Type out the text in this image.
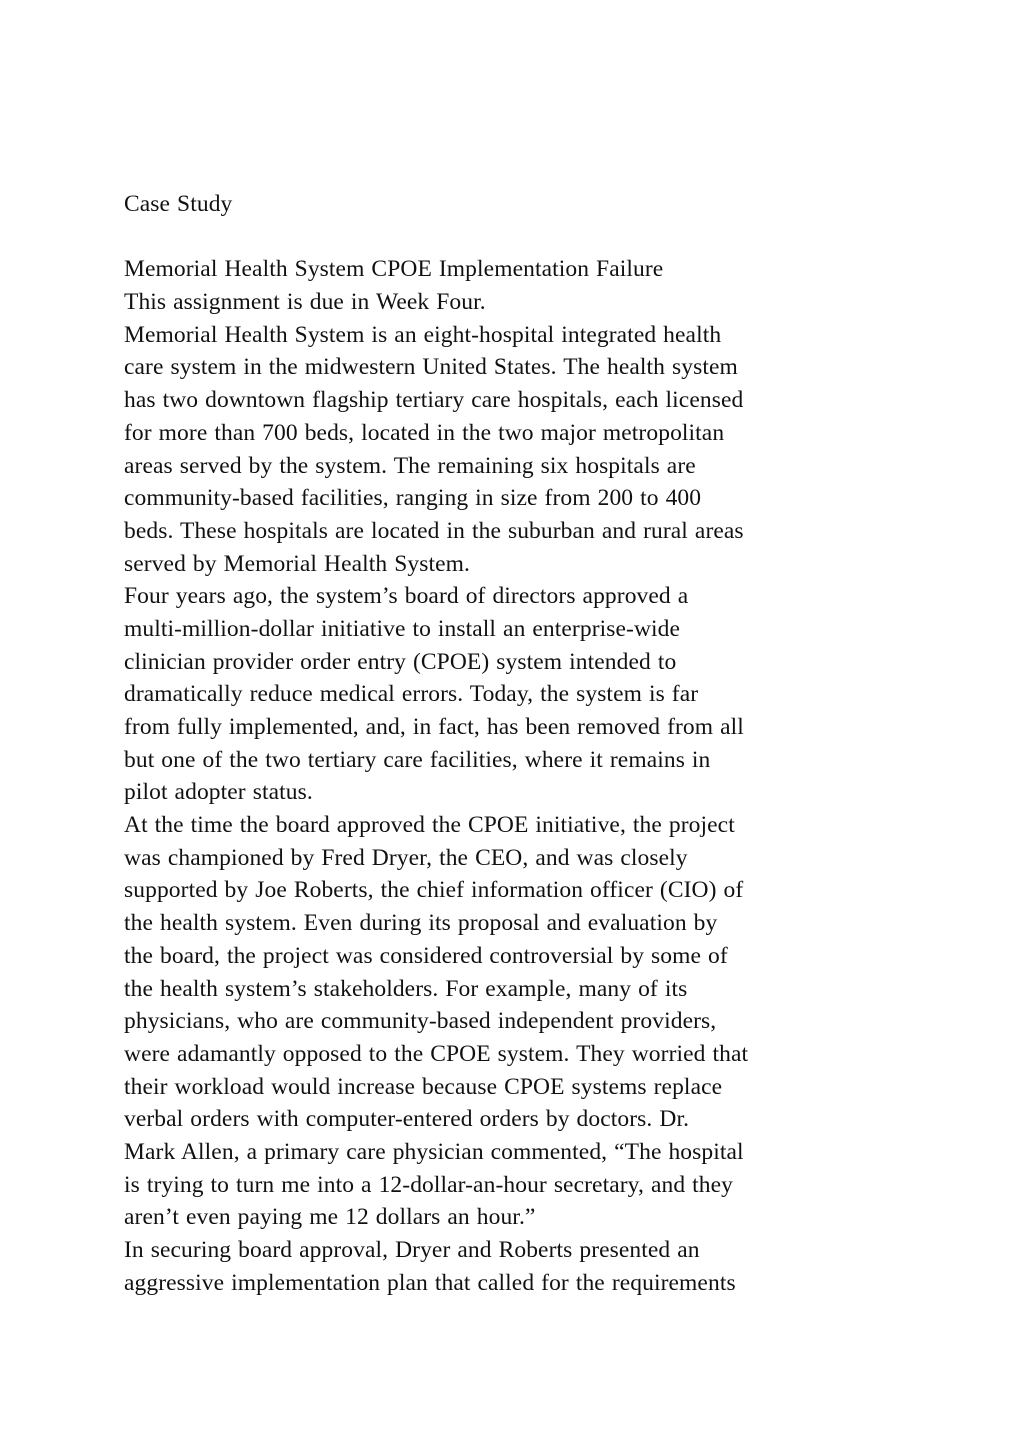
Case Study
Memorial Health System CPOE Implementation Failure
This assignment is due in Week Four.
Memorial Health System is an eight-hospital integrated health
care system in the midwestern United States. The health system
has two downtown flagship tertiary care hospitals, each licensed
for more than 700 beds, located in the two major metropolitan
areas served by the system. The remaining six hospitals are
community-based facilities, ranging in size from 200 to 400
beds. These hospitals are located in the suburban and rural areas
served by Memorial Health System.
Four years ago, the system’s board of directors approved a
multi-million-dollar initiative to install an enterprise-wide
clinician provider order entry (CPOE) system intended to
dramatically reduce medical errors. Today, the system is far
from fully implemented, and, in fact, has been removed from all
but one of the two tertiary care facilities, where it remains in
pilot adopter status.
At the time the board approved the CPOE initiative, the project
was championed by Fred Dryer, the CEO, and was closely
supported by Joe Roberts, the chief information officer (CIO) of
the health system. Even during its proposal and evaluation by
the board, the project was considered controversial by some of
the health system’s stakeholders. For example, many of its
physicians, who are community-based independent providers,
were adamantly opposed to the CPOE system. They worried that
their workload would increase because CPOE systems replace
verbal orders with computer-entered orders by doctors. Dr.
Mark Allen, a primary care physician commented, “The hospital
is trying to turn me into a 12-dollar-an-hour secretary, and they
aren’t even paying me 12 dollars an hour.”
In securing board approval, Dryer and Roberts presented an
aggressive implementation plan that called for the requirements
